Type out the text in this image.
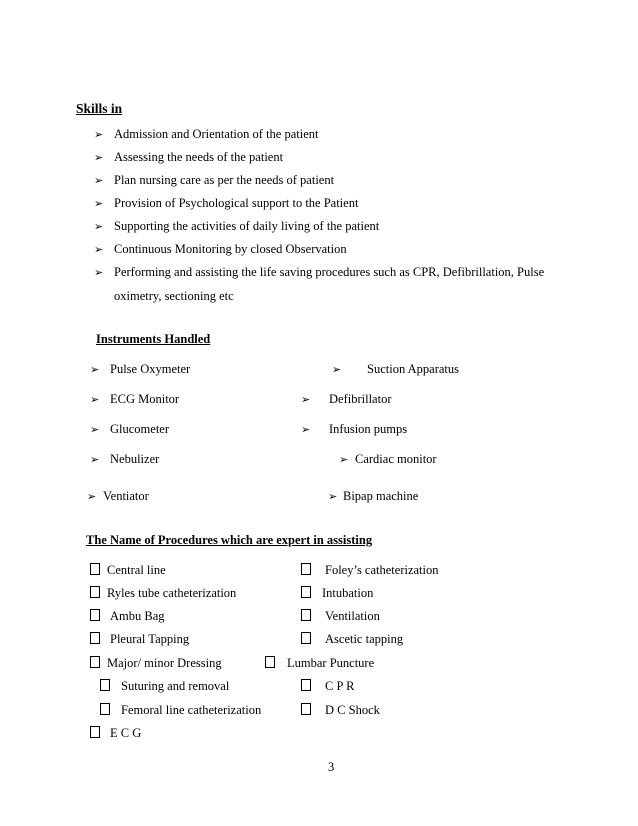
Skills in
➢ Admission and Orientation of the patient
➢ Assessing the needs of the patient
➢ Plan nursing care as per the needs of patient
➢ Provision of Psychological support to the Patient
➢ Supporting the activities of daily living of the patient
➢ Continuous Monitoring by closed Observation
➢ Performing and assisting the life saving procedures such as CPR, Defibrillation, Pulse
oximetry, sectioning etc
Instruments Handled
➢ Pulse Oxymeter
➢ ECG Monitor
➢ Glucometer
➢ Nebulizer
➢ Ventiator
➢ Suction Apparatus
➢ Defibrillator
➢ Infusion pumps
➢ Cardiac monitor
➢ Bipap machine
The Name of Procedures which are expert in assisting
Central line
Ryles tube catheterization
Ambu Bag
Pleural Tapping
Major/ minor Dressing
Suturing and removal
Femoral line catheterization
E C G
Foley’s catheterization
Intubation
Ventilation
Ascetic tapping
Lumbar Puncture
C P R
D C Shock
3
